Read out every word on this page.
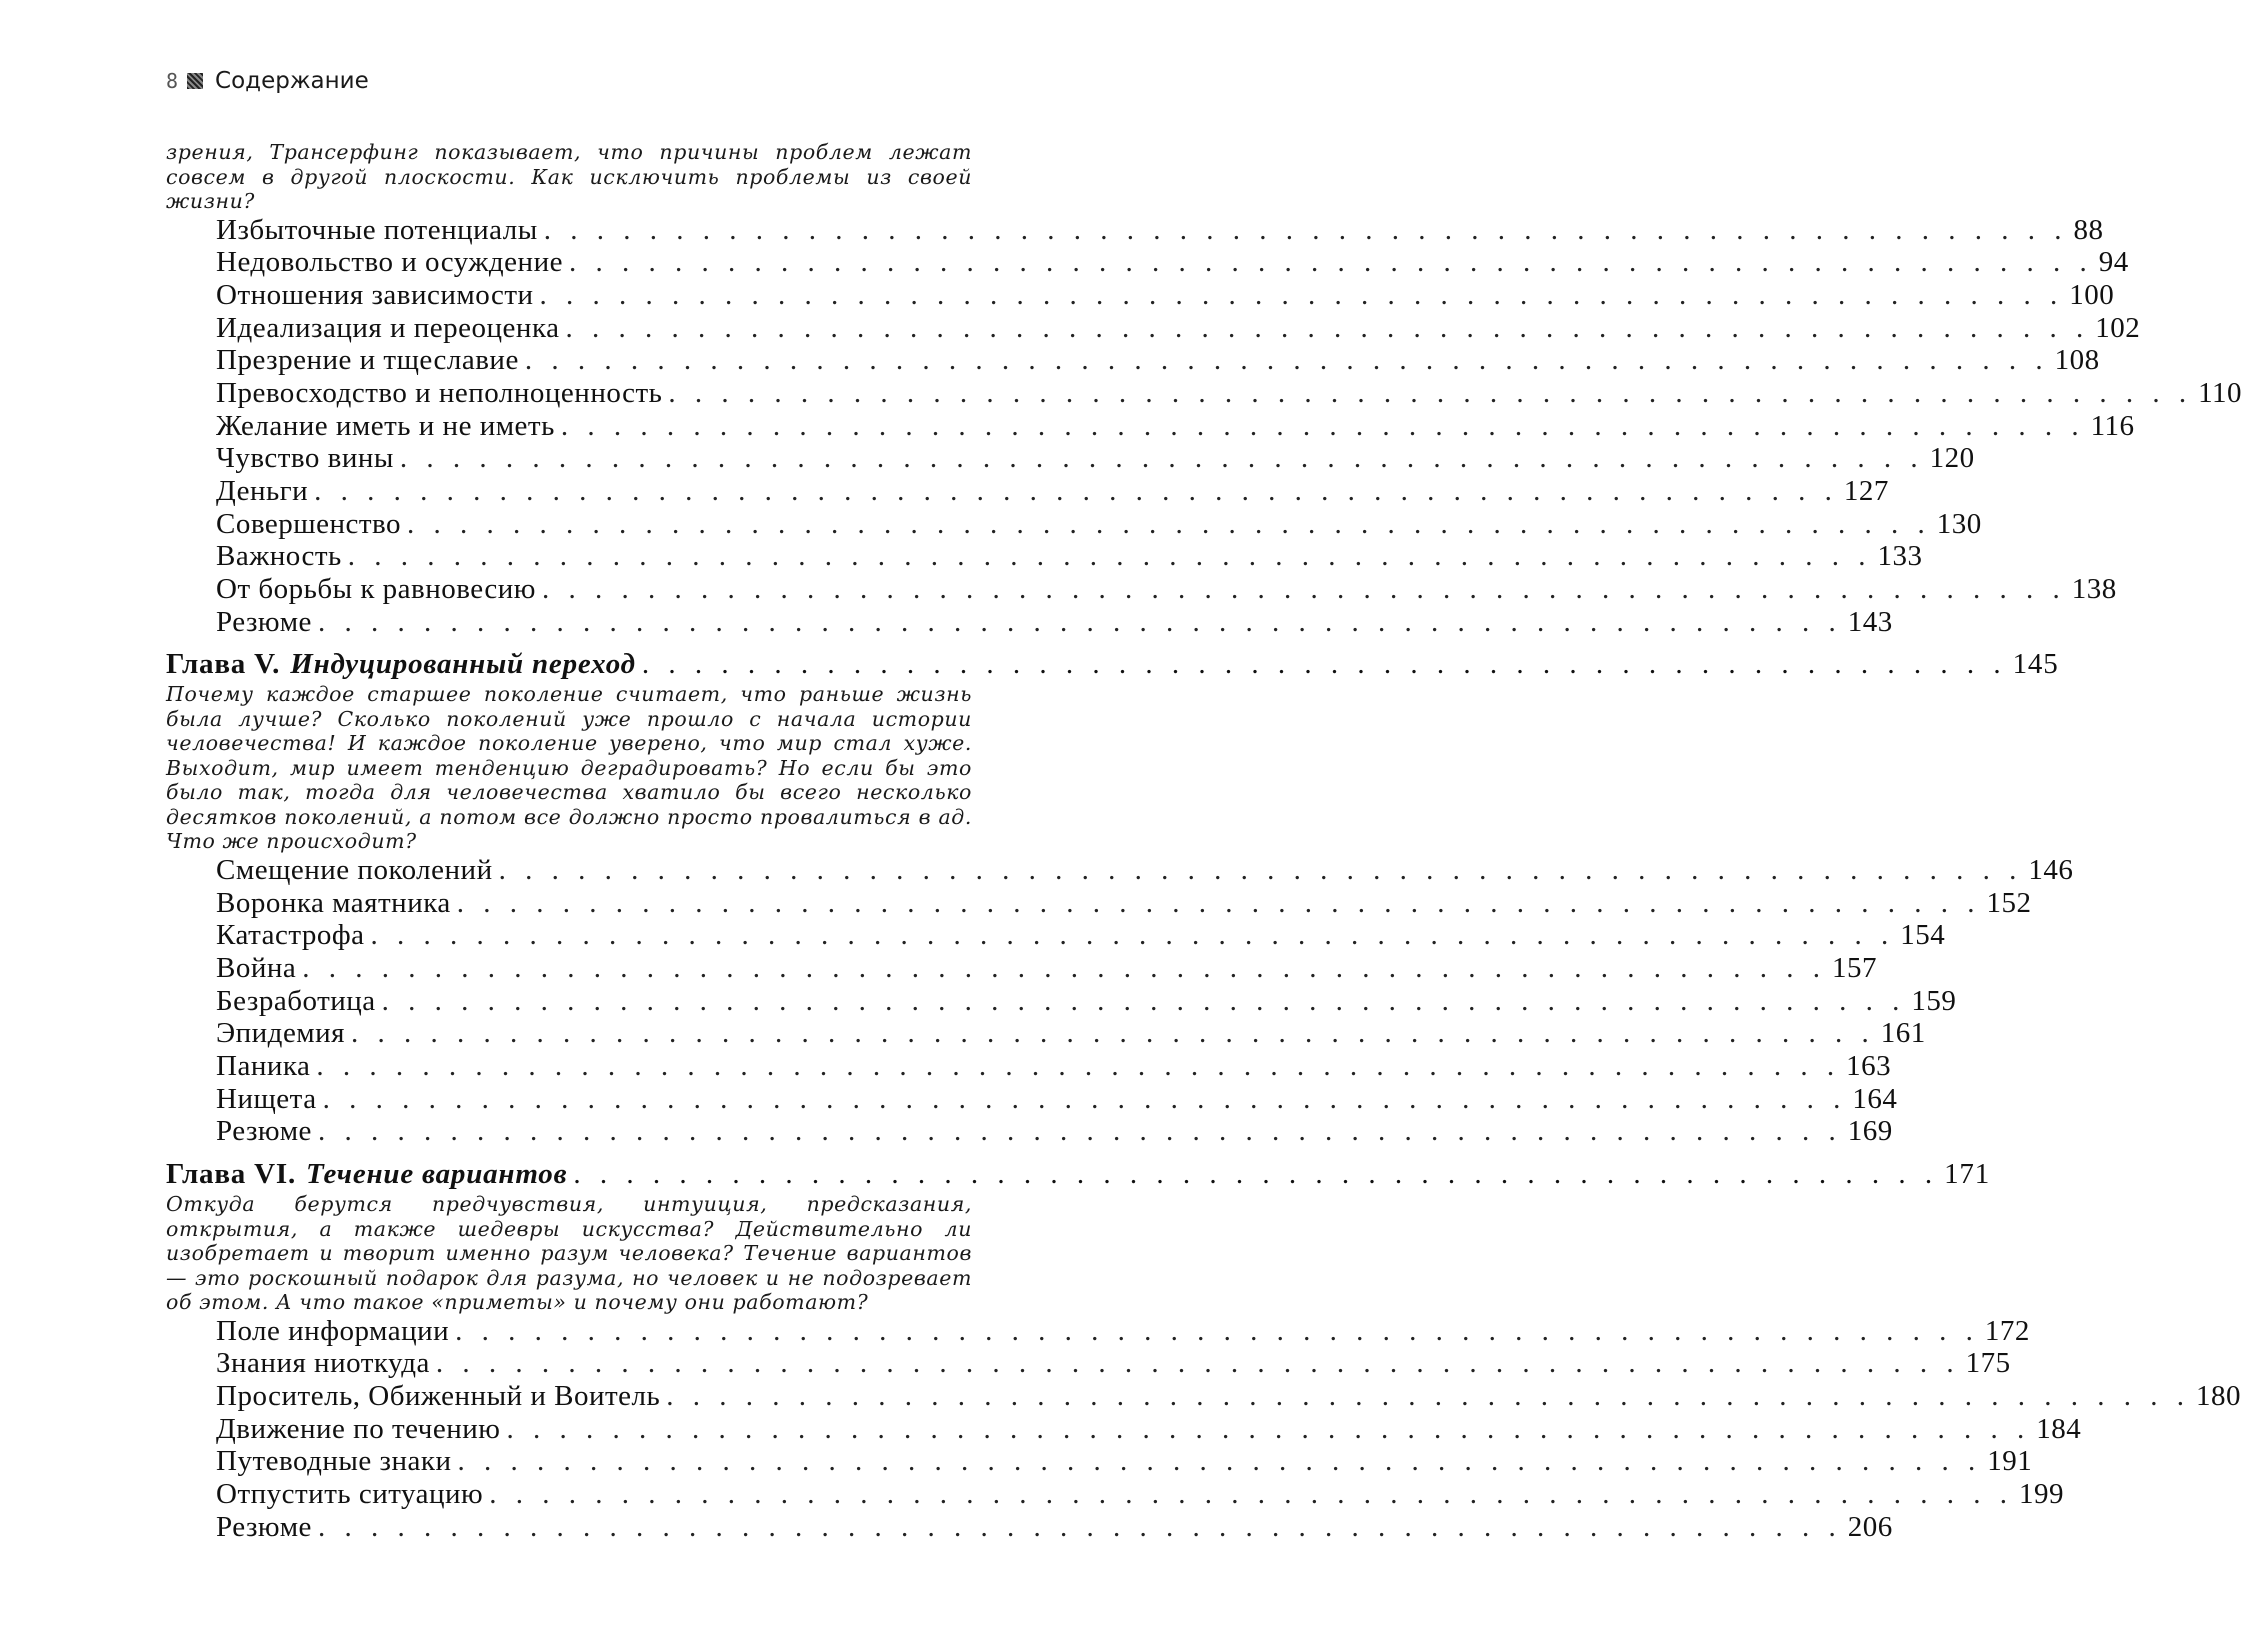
8 Содержание
зрения, Трансерфинг показывает, что причины проблем лежат совсем в другой плоскости. Как исключить проблемы из своей жизни?
Избыточные потенциалы . . . . . . . . . . . . . . . . . . . . . . . . . . . . . . . . . . . . . . . . . . . . . . . . . . . . . . . . . . 88
Недовольство и осуждение . . . . . . . . . . . . . . . . . . . . . . . . . . . . . . . . . . . . . . . . . . . . . . . . . . . . . . . . . . 94
Отношения зависимости . . . . . . . . . . . . . . . . . . . . . . . . . . . . . . . . . . . . . . . . . . . . . . . . . . . . . . . . . . 100
Идеализация и переоценка . . . . . . . . . . . . . . . . . . . . . . . . . . . . . . . . . . . . . . . . . . . . . . . . . . . . . . . . . . 102
Презрение и тщеславие . . . . . . . . . . . . . . . . . . . . . . . . . . . . . . . . . . . . . . . . . . . . . . . . . . . . . . . . . . 108
Превосходство и неполноценность . . . . . . . . . . . . . . . . . . . . . . . . . . . . . . . . . . . . . . . . . . . . . . . . . . . . . . . . . . 110
Желание иметь и не иметь . . . . . . . . . . . . . . . . . . . . . . . . . . . . . . . . . . . . . . . . . . . . . . . . . . . . . . . . . . 116
Чувство вины . . . . . . . . . . . . . . . . . . . . . . . . . . . . . . . . . . . . . . . . . . . . . . . . . . . . . . . . . . 120
Деньги . . . . . . . . . . . . . . . . . . . . . . . . . . . . . . . . . . . . . . . . . . . . . . . . . . . . . . . . . . 127
Совершенство . . . . . . . . . . . . . . . . . . . . . . . . . . . . . . . . . . . . . . . . . . . . . . . . . . . . . . . . . . 130
Важность . . . . . . . . . . . . . . . . . . . . . . . . . . . . . . . . . . . . . . . . . . . . . . . . . . . . . . . . . . 133
От борьбы к равновесию . . . . . . . . . . . . . . . . . . . . . . . . . . . . . . . . . . . . . . . . . . . . . . . . . . . . . . . . . . 138
Резюме . . . . . . . . . . . . . . . . . . . . . . . . . . . . . . . . . . . . . . . . . . . . . . . . . . . . . . . . . . 143
Глава V. Индуцированный переход . . . . . . . . . . . . . . . . . . . . . . . . . . . . . . . . . . . . . . . . . . . . . . . . . . . . 145
Почему каждое старшее поколение считает, что раньше жизнь была лучше? Сколько поколений уже прошло с начала истории человечества! И каждое поколение уверено, что мир стал хуже. Выходит, мир имеет тенденцию деградировать? Но если бы это было так, тогда для человечества хватило бы всего несколько десятков поколений, а потом все должно просто провалиться в ад. Что же происходит?
Смещение поколений . . . . . . . . . . . . . . . . . . . . . . . . . . . . . . . . . . . . . . . . . . . . . . . . . . . . . . . . . . 146
Воронка маятника . . . . . . . . . . . . . . . . . . . . . . . . . . . . . . . . . . . . . . . . . . . . . . . . . . . . . . . . . . 152
Катастрофа . . . . . . . . . . . . . . . . . . . . . . . . . . . . . . . . . . . . . . . . . . . . . . . . . . . . . . . . . . 154
Война . . . . . . . . . . . . . . . . . . . . . . . . . . . . . . . . . . . . . . . . . . . . . . . . . . . . . . . . . . 157
Безработица . . . . . . . . . . . . . . . . . . . . . . . . . . . . . . . . . . . . . . . . . . . . . . . . . . . . . . . . . . 159
Эпидемия . . . . . . . . . . . . . . . . . . . . . . . . . . . . . . . . . . . . . . . . . . . . . . . . . . . . . . . . . . 161
Паника . . . . . . . . . . . . . . . . . . . . . . . . . . . . . . . . . . . . . . . . . . . . . . . . . . . . . . . . . . 163
Нищета . . . . . . . . . . . . . . . . . . . . . . . . . . . . . . . . . . . . . . . . . . . . . . . . . . . . . . . . . . 164
Резюме . . . . . . . . . . . . . . . . . . . . . . . . . . . . . . . . . . . . . . . . . . . . . . . . . . . . . . . . . . 169
Глава VI. Течение вариантов . . . . . . . . . . . . . . . . . . . . . . . . . . . . . . . . . . . . . . . . . . . . . . . . . . . . 171
Откуда берутся предчувствия, интуиция, предсказания, открытия, а также шедевры искусства? Действительно ли изобретает и творит именно разум человека? Течение вариантов — это роскошный подарок для разума, но человек и не подозревает об этом. А что такое «приметы» и почему они работают?
Поле информации . . . . . . . . . . . . . . . . . . . . . . . . . . . . . . . . . . . . . . . . . . . . . . . . . . . . . . . . . . 172
Знания ниоткуда . . . . . . . . . . . . . . . . . . . . . . . . . . . . . . . . . . . . . . . . . . . . . . . . . . . . . . . . . . 175
Проситель, Обиженный и Воитель . . . . . . . . . . . . . . . . . . . . . . . . . . . . . . . . . . . . . . . . . . . . . . . . . . . . . . . . . . 180
Движение по течению . . . . . . . . . . . . . . . . . . . . . . . . . . . . . . . . . . . . . . . . . . . . . . . . . . . . . . . . . . 184
Путеводные знаки . . . . . . . . . . . . . . . . . . . . . . . . . . . . . . . . . . . . . . . . . . . . . . . . . . . . . . . . . . 191
Отпустить ситуацию . . . . . . . . . . . . . . . . . . . . . . . . . . . . . . . . . . . . . . . . . . . . . . . . . . . . . . . . . . 199
Резюме . . . . . . . . . . . . . . . . . . . . . . . . . . . . . . . . . . . . . . . . . . . . . . . . . . . . . . . . . . 206
